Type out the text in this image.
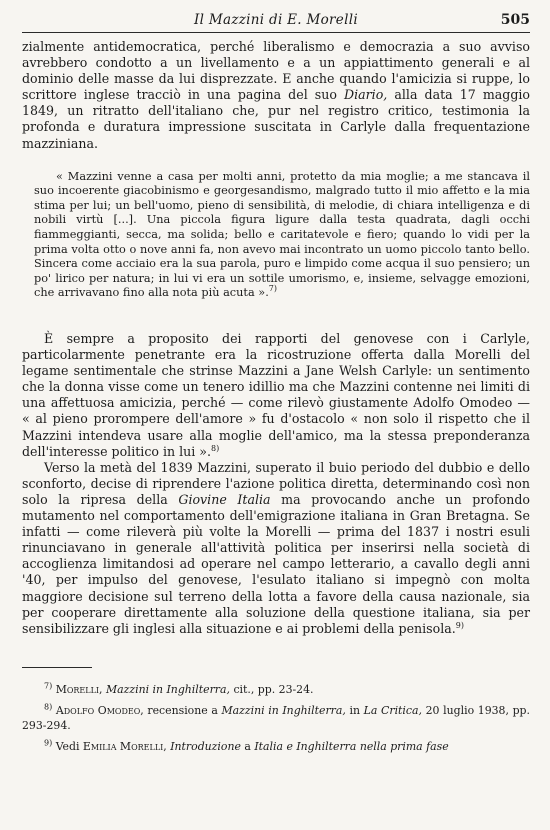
Il Mazzini di E. Morelli	505

zialmente antidemocratica, perché liberalismo e democrazia a suo avviso avrebbero condotto a un livellamento e a un appiattimento generali e al dominio delle masse da lui disprezzate. E anche quando l'amicizia si ruppe, lo scrittore inglese tracciò in una pagina del suo Diario, alla data 17 maggio 1849, un ritratto dell'italiano che, pur nel registro critico, testimonia la profonda e duratura impressione suscitata in Carlyle dalla frequentazione mazziniana.

« Mazzini venne a casa per molti anni, protetto da mia moglie; a me stancava il suo incoerente giacobinismo e georgesandismo, malgrado tutto il mio affetto e la mia stima per lui; un bell'uomo, pieno di sensibilità, di melodie, di chiara intelligenza e di nobili virtù [...]. Una piccola figura ligure dalla testa quadrata, dagli occhi fiammeggianti, secca, ma solida; bello e caritatevole e fiero; quando lo vidi per la prima volta otto o nove anni fa, non avevo mai incontrato un uomo piccolo tanto bello. Sincera come acciaio era la sua parola, puro e limpido come acqua il suo pensiero; un po' lirico per natura; in lui vi era un sottile umorismo, e, insieme, selvagge emozioni, che arrivavano fino alla nota più acuta ».$^{7)}$

È sempre a proposito dei rapporti del genovese con i Carlyle, particolarmente penetrante era la ricostruzione offerta dalla Morelli del legame sentimentale che strinse Mazzini a Jane Welsh Carlyle: un sentimento che la donna visse come un tenero idillio ma che Mazzini contenne nei limiti di una affettuosa amicizia, perché — come rilevò giustamente Adolfo Omodeo — « al pieno prorompere dell'amore » fu d'ostacolo « non solo il rispetto che il Mazzini intendeva usare alla moglie dell'amico, ma la stessa preponderanza dell'interesse politico in lui ».$^{8)}$

Verso la metà del 1839 Mazzini, superato il buio periodo del dubbio e dello sconforto, decise di riprendere l'azione politica diretta, determinando così non solo la ripresa della Giovine Italia ma provocando anche un profondo mutamento nel comportamento dell'emigrazione italiana in Gran Bretagna. Se infatti — come rileverà più volte la Morelli — prima del 1837 i nostri esuli rinunciavano in generale all'attività politica per inserirsi nella società di accoglienza limitandosi ad operare nel campo letterario, a cavallo degli anni '40, per impulso del genovese, l'esulato italiano si impegnò con molta maggiore decisione sul terreno della lotta a favore della causa nazionale, sia per cooperare direttamente alla soluzione della questione italiana, sia per sensibilizzare gli inglesi alla situazione e ai problemi della penisola.$^{9)}$

$^{7)}$ Morelli, Mazzini in Inghilterra, cit., pp. 23-24.

$^{8)}$ Adolfo Omodeo, recensione a Mazzini in Inghilterra, in La Critica, 20 luglio 1938, pp. 293-294.

$^{9)}$ Vedi Emilia Morelli, Introduzione a Italia e Inghilterra nella prima fase
